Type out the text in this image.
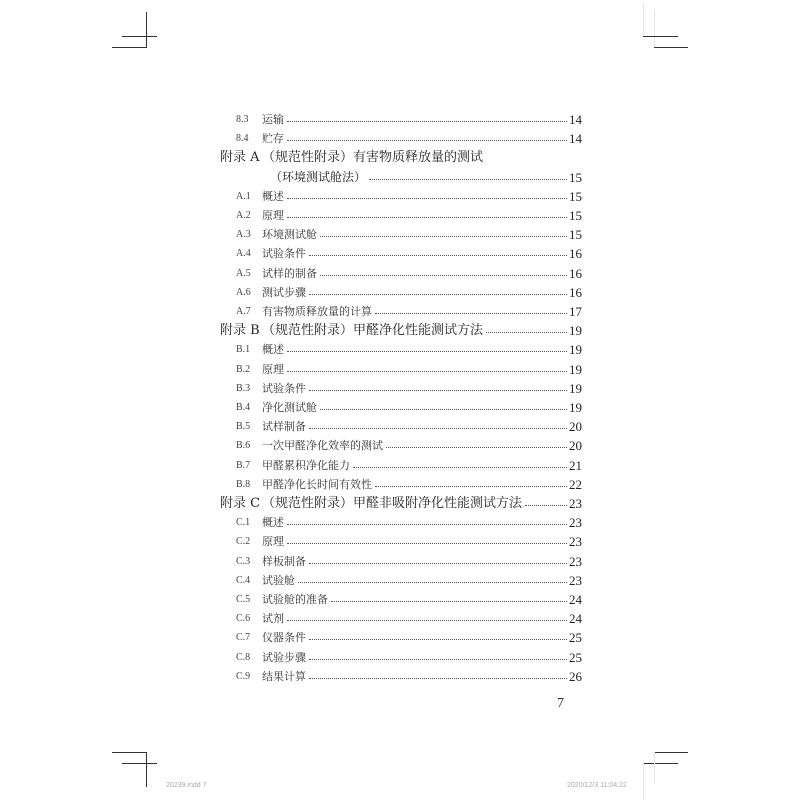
8.3 运输	14
8.4 贮存	14
附录 A （规范性附录）有害物质释放量的测试
（环境测试舱法）	15
A.1 概述	15
A.2 原理	15
A.3 环境测试舱	15
A.4 试验条件	16
A.5 试样的制备	16
A.6 测试步骤	16
A.7 有害物质释放量的计算	17
附录 B （规范性附录）甲醛净化性能测试方法	19
B.1 概述	19
B.2 原理	19
B.3 试验条件	19
B.4 净化测试舱	19
B.5 试样制备	20
B.6 一次甲醛净化效率的测试	20
B.7 甲醛累积净化能力	21
B.8 甲醛净化长时间有效性	22
附录 C （规范性附录）甲醛非吸附净化性能测试方法	23
C.1 概述	23
C.2 原理	23
C.3 样板制备	23
C.4 试验舱	23
C.5 试验舱的准备	24
C.6 试剂	24
C.7 仪器条件	25
C.8 试验步骤	25
C.9 结果计算	26
7
20239.indd 7	2020/12/3 11:04:22
